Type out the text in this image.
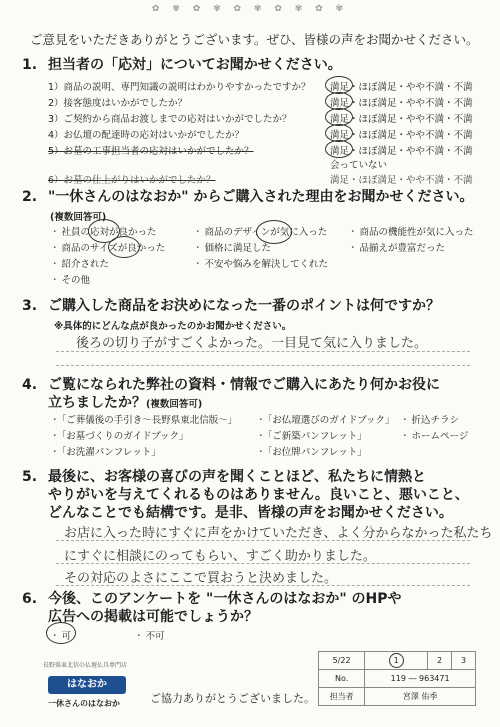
✿ ✾ ✿ ✾ ✿ ✾ ✿ ✾ ✿ ✾
ご意見をいただきありがとうございます。ぜひ、皆様の声をお聞かせください。
1. 担当者の「応対」についてお聞かせください。
1）商品の説明、専門知識の説明はわかりやすかったですか？ 満足・ほぼ満足・やや不満・不満
2）接客態度はいかがでしたか？	満足・ほぼ満足・やや不満・不満
3）ご契約から商品お渡しまでの応対はいかがでしたか？	満足・ほぼ満足・やや不満・不満
4）お仏壇の配達時の応対はいかがでしたか？	満足・ほぼ満足・やや不満・不満
5）お墓の工事担当者の応対はいかがでしたか？	満足・ほぼ満足・やや不満・不満
会っていない
6）お墓の仕上がりはいかがでしたか？	満足・ほぼ満足・やや不満・不満
2. "一休さんのはなおか" からご購入された理由をお聞かせください。
(複数回答可)
・ 社員の応対が良かった	・ 商品のデザインが気に入った ・ 商品の機能性が気に入った
・ 商品のサイズが良かった	・ 価格に満足した	・ 品揃えが豊富だった
・ 紹介された	・ 不安や悩みを解決してくれた
・ その他
3. ご購入した商品をお決めになった一番のポイントは何ですか？
※具体的にどんな点が良かったのかお聞かせください。
後ろの切り子がすごくよかった。一目見て気に入りました。
4. ご覧になられた弊社の資料・情報でご購入にあたり何かお役に
立ちましたか？(複数回答可)
・ 「ご葬儀後の手引き～長野県東北信版～」 ・ 「お仏壇選びのガイドブック」 ・ 折込チラシ
・ 「お墓づくりのガイドブック」	・ 「ご新築パンフレット」	・ ホームページ
・ 「お洗濯パンフレット」	・ 「お位牌パンフレット」
5. 最後に、お客様の喜びの声を聞くことほど、私たちに情熱と
やりがいを与えてくれるものはありません。良いこと、悪いこと、
どんなことでも結構です。是非、皆様の声をお聞かせください。
お店に入った時にすぐに声をかけていただき、よく分からなかった私たち
にすぐに相談にのってもらい、すごく助かりました。
その対応のよさにここで買おうと決めました。
6. 今後、このアンケートを "一休さんのはなおか" のHPや
広告への掲載は可能でしょうか？
・ 可	・ 不可
長野県東北信の仏壇仏具専門店
はなおか
一休さんのはなおか	ご協力ありがとうございました。
5/22	1	2	3
No.	119 ― 963471		
担当者	宮澤 佑季		
